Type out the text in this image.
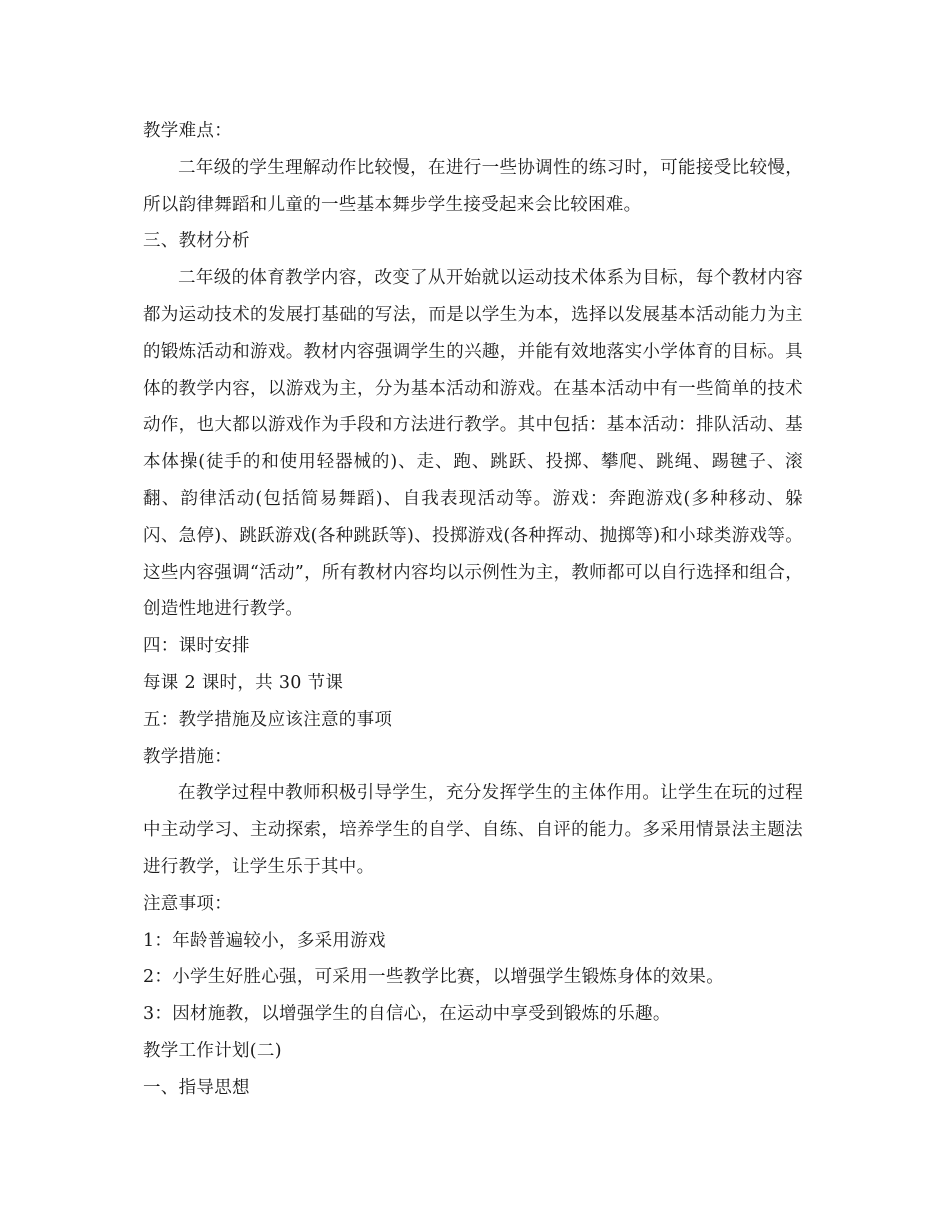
教学难点：

二年级的学生理解动作比较慢，在进行一些协调性的练习时，可能接受比较慢，所以韵律舞蹈和儿童的一些基本舞步学生接受起来会比较困难。

三、教材分析

二年级的体育教学内容，改变了从开始就以运动技术体系为目标，每个教材内容都为运动技术的发展打基础的写法，而是以学生为本，选择以发展基本活动能力为主的锻炼活动和游戏。教材内容强调学生的兴趣，并能有效地落实小学体育的目标。具体的教学内容，以游戏为主，分为基本活动和游戏。在基本活动中有一些简单的技术动作，也大都以游戏作为手段和方法进行教学。其中包括：基本活动：排队活动、基本体操(徒手的和使用轻器械的)、走、跑、跳跃、投掷、攀爬、跳绳、踢毽子、滚翻、韵律活动(包括简易舞蹈)、自我表现活动等。游戏：奔跑游戏(多种移动、躲闪、急停)、跳跃游戏(各种跳跃等)、投掷游戏(各种挥动、抛掷等)和小球类游戏等。这些内容强调“活动”，所有教材内容均以示例性为主，教师都可以自行选择和组合，创造性地进行教学。

四：课时安排

每课 2 课时，共 30 节课

五：教学措施及应该注意的事项

教学措施：

在教学过程中教师积极引导学生，充分发挥学生的主体作用。让学生在玩的过程中主动学习、主动探索，培养学生的自学、自练、自评的能力。多采用情景法主题法进行教学，让学生乐于其中。

注意事项：

1：年龄普遍较小，多采用游戏

2：小学生好胜心强，可采用一些教学比赛，以增强学生锻炼身体的效果。

3：因材施教，以增强学生的自信心，在运动中享受到锻炼的乐趣。

教学工作计划(二)

一、指导思想
